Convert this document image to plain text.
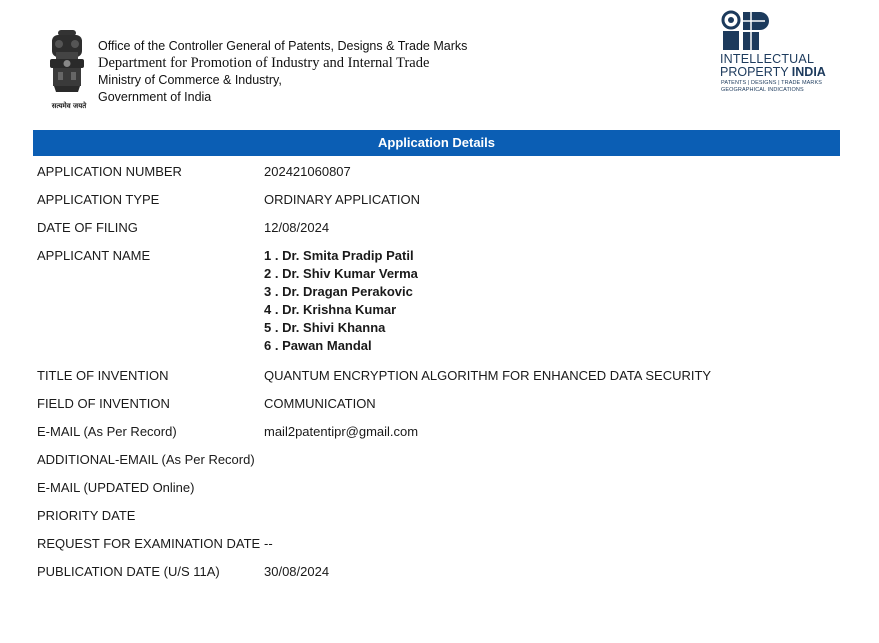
सत्यमेव जयते
Office of the Controller General of Patents, Designs & Trade Marks
Department for Promotion of Industry and Internal Trade
Ministry of Commerce & Industry,
Government of India
INTELLECTUAL
PROPERTY INDIA
PATENTS | DESIGNS | TRADE MARKS
GEOGRAPHICAL INDICATIONS
Application Details
APPLICATION NUMBER	202421060807
APPLICATION TYPE	ORDINARY APPLICATION
DATE OF FILING	12/08/2024
APPLICANT NAME	1 . Dr. Smita Pradip Patil
2 . Dr. Shiv Kumar Verma
3 . Dr. Dragan Perakovic
4 . Dr. Krishna Kumar
5 . Dr. Shivi Khanna
6 . Pawan Mandal
TITLE OF INVENTION	QUANTUM ENCRYPTION ALGORITHM FOR ENHANCED DATA SECURITY
FIELD OF INVENTION	COMMUNICATION
E-MAIL (As Per Record)	mail2patentipr@gmail.com
ADDITIONAL-EMAIL (As Per Record)
E-MAIL (UPDATED Online)
PRIORITY DATE
REQUEST FOR EXAMINATION DATE --
PUBLICATION DATE (U/S 11A)	30/08/2024
